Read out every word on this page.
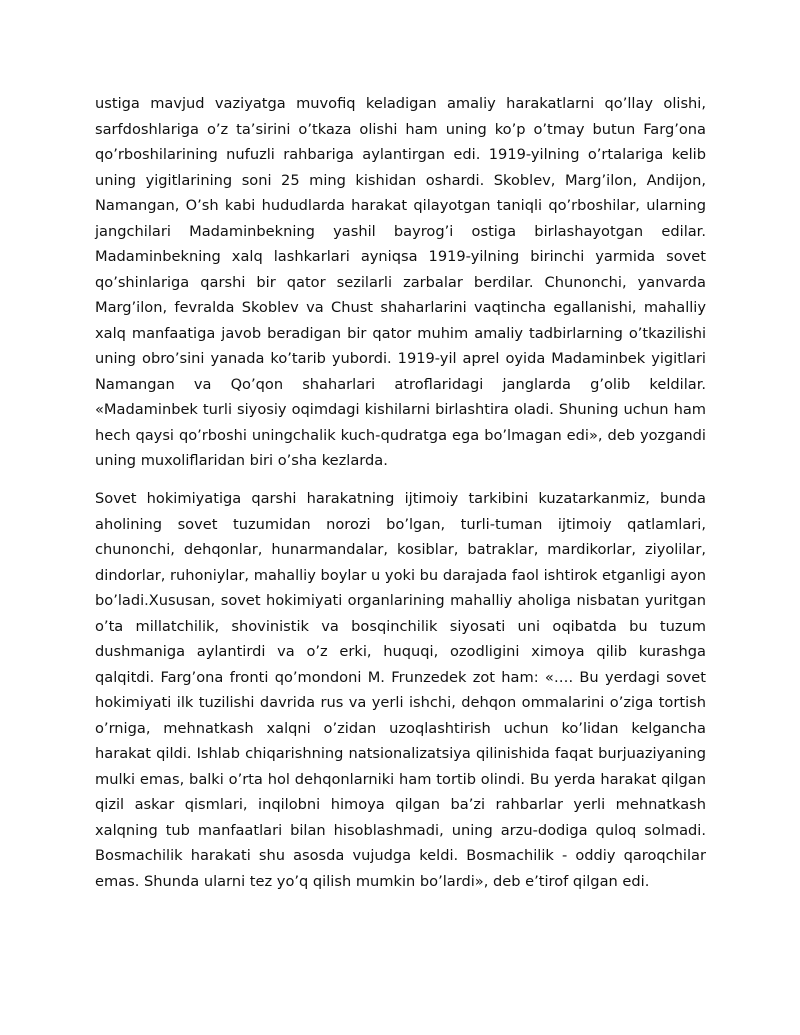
ustiga mavjud vaziyatga muvofiq keladigan amaliy harakatlarni qo’llay olishi, sarfdoshlariga o’z ta’sirini o’tkaza olishi ham uning ko’p o’tmay butun Farg’ona qo’rboshilarining nufuzli rahbariga aylantirgan edi. 1919-yilning o’rtalariga kelib uning yigitlarining soni 25 ming kishidan oshardi. Skoblev, Marg’ilon, Andijon, Namangan, O’sh kabi hududlarda harakat qilayotgan taniqli qo’rboshilar, ularning jangchilari Madaminbekning yashil bayrog’i ostiga birlashayotgan edilar. Madaminbekning xalq lashkarlari ayniqsa 1919-yilning birinchi yarmida sovet qo’shinlariga qarshi bir qator sezilarli zarbalar berdilar. Chunonchi, yanvarda Marg’ilon, fevralda Skoblev va Chust shaharlarini vaqtincha egallanishi, mahalliy xalq manfaatiga javob beradigan bir qator muhim amaliy tadbirlarning o’tkazilishi uning obro’sini yanada ko’tarib yubordi. 1919-yil aprel oyida Madaminbek yigitlari Namangan va Qo’qon shaharlari atroflaridagi janglarda g’olib keldilar. «Madaminbek turli siyosiy oqimdagi kishilarni birlashtira oladi. Shuning uchun ham hech qaysi qo’rboshi uningchalik kuch-qudratga ega bo’lmagan edi», deb yozgandi uning muxoliflaridan biri o’sha kezlarda.

Sovet hokimiyatiga qarshi harakatning ijtimoiy tarkibini kuzatarkanmiz, bunda aholining sovet tuzumidan norozi bo’lgan, turli-tuman ijtimoiy qatlamlari, chunonchi, dehqonlar, hunarmandalar, kosiblar, batraklar, mardikorlar, ziyolilar, dindorlar, ruhoniylar, mahalliy boylar u yoki bu darajada faol ishtirok etganligi ayon bo’ladi.Xususan, sovet hokimiyati organlarining mahalliy aholiga nisbatan yuritgan o’ta millatchilik, shovinistik va bosqinchilik siyosati uni oqibatda bu tuzum dushmaniga aylantirdi va o’z erki, huquqi, ozodligini ximoya qilib kurashga qalqitdi. Farg’ona fronti qo’mondoni M. Frunzedek zot ham: «…. Bu yerdagi sovet hokimiyati ilk tuzilishi davrida rus va yerli ishchi, dehqon ommalarini o’ziga tortish o’rniga, mehnatkash xalqni o’zidan uzoqlashtirish uchun ko’lidan kelgancha harakat qildi. Ishlab chiqarishning natsionalizatsiya qilinishida faqat burjuaziyaning mulki emas, balki o’rta hol dehqonlarniki ham tortib olindi. Bu yerda harakat qilgan qizil askar qismlari, inqilobni himoya qilgan ba’zi rahbarlar yerli mehnatkash xalqning tub manfaatlari bilan hisoblashmadi, uning arzu-dodiga quloq solmadi. Bosmachilik harakati shu asosda vujudga keldi. Bosmachilik - oddiy qaroqchilar emas. Shunda ularni tez yo’q qilish mumkin bo’lardi», deb e’tirof qilgan edi.
